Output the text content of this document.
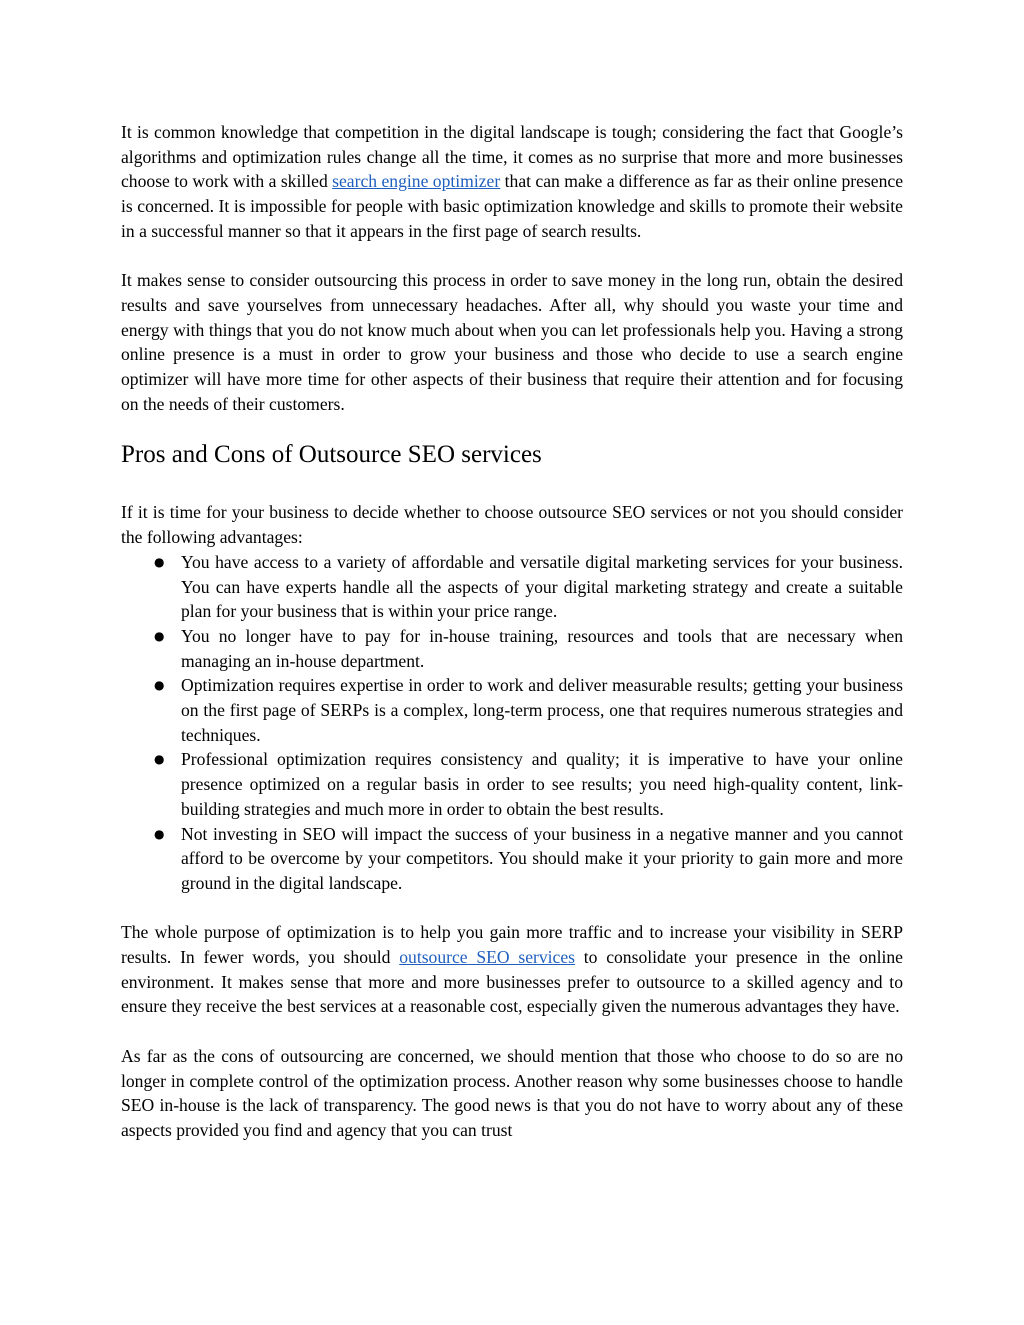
It is common knowledge that competition in the digital landscape is tough; considering the fact that Google’s algorithms and optimization rules change all the time, it comes as no surprise that more and more businesses choose to work with a skilled search engine optimizer that can make a difference as far as their online presence is concerned. It is impossible for people with basic optimization knowledge and skills to promote their website in a successful manner so that it appears in the first page of search results.

It makes sense to consider outsourcing this process in order to save money in the long run, obtain the desired results and save yourselves from unnecessary headaches. After all, why should you waste your time and energy with things that you do not know much about when you can let professionals help you. Having a strong online presence is a must in order to grow your business and those who decide to use a search engine optimizer will have more time for other aspects of their business that require their attention and for focusing on the needs of their customers.

Pros and Cons of Outsource SEO services

If it is time for your business to decide whether to choose outsource SEO services or not you should consider the following advantages:

● You have access to a variety of affordable and versatile digital marketing services for your business. You can have experts handle all the aspects of your digital marketing strategy and create a suitable plan for your business that is within your price range.
● You no longer have to pay for in-house training, resources and tools that are necessary when managing an in-house department.
● Optimization requires expertise in order to work and deliver measurable results; getting your business on the first page of SERPs is a complex, long-term process, one that requires numerous strategies and techniques.
● Professional optimization requires consistency and quality; it is imperative to have your online presence optimized on a regular basis in order to see results; you need high-quality content, link-building strategies and much more in order to obtain the best results.
● Not investing in SEO will impact the success of your business in a negative manner and you cannot afford to be overcome by your competitors. You should make it your priority to gain more and more ground in the digital landscape.

The whole purpose of optimization is to help you gain more traffic and to increase your visibility in SERP results. In fewer words, you should outsource SEO services to consolidate your presence in the online environment. It makes sense that more and more businesses prefer to outsource to a skilled agency and to ensure they receive the best services at a reasonable cost, especially given the numerous advantages they have.

As far as the cons of outsourcing are concerned, we should mention that those who choose to do so are no longer in complete control of the optimization process. Another reason why some businesses choose to handle SEO in-house is the lack of transparency. The good news is that you do not have to worry about any of these aspects provided you find and agency that you can trust
